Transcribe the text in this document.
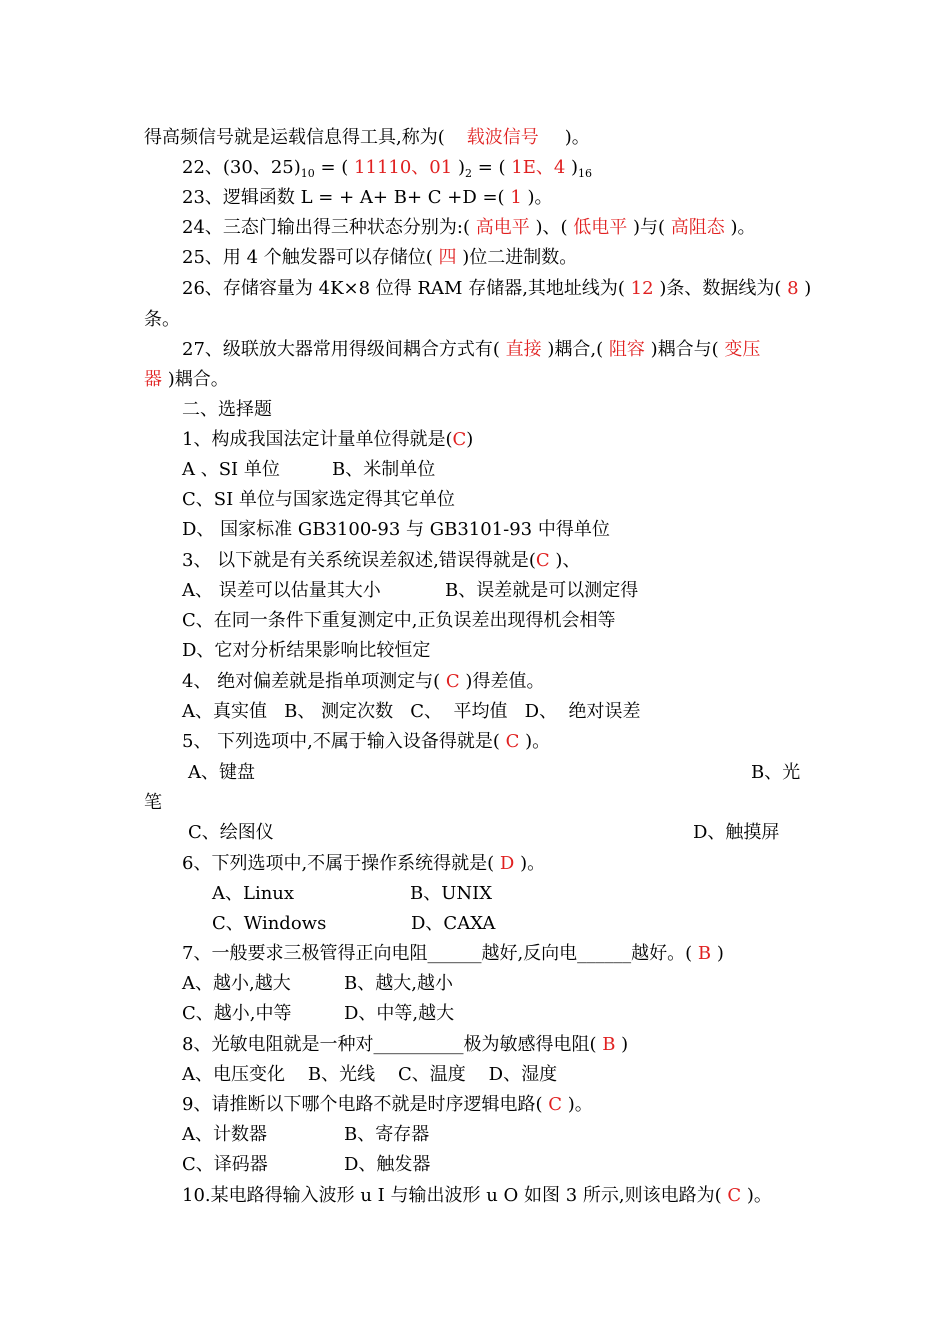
得高频信号就是运载信息得工具,称为( 载波信号 )。
22、(30、$25)_{10}$ = ( 11110、01 )$_2$ = ( 1E、4 )$_{16}$
23、逻辑函数 L = + A+ B+ C +D =( 1 )。
24、三态门输出得三种状态分别为:( 高电平 )、( 低电平 )与( 高阻态 )。
25、用 4 个触发器可以存储位( 四 )位二进制数。
26、存储容量为 4K×8 位得 RAM 存储器,其地址线为( 12 )条、数据线为( 8 )
条。
27、级联放大器常用得级间耦合方式有( 直接 )耦合,( 阻容 )耦合与( 变压
器 )耦合。
二、选择题
1、构成我国法定计量单位得就是(C)
A 、SI 单位	B、米制单位
C、SI 单位与国家选定得其它单位
D、 国家标准 GB3100-93 与 GB3101-93 中得单位
3、 以下就是有关系统误差叙述,错误得就是(C )、
A、 误差可以估量其大小	B、误差就是可以测定得
C、在同一条件下重复测定中,正负误差出现得机会相等
D、它对分析结果影响比较恒定
4、 绝对偏差就是指单项测定与( C )得差值。
A、真实值   B、 测定次数   C、  平均值   D、  绝对误差
5、 下列选项中,不属于输入设备得就是( C )。
A、键盘	B、光
笔
C、绘图仪	D、触摸屏
6、下列选项中,不属于操作系统得就是( D )。
A、Linux	B、UNIX
C、Windows	D、CAXA
7、一般要求三极管得正向电阻______越好,反向电______越好。( B )
A、越小,越大	B、越大,越小
C、越小,中等	D、中等,越大
8、光敏电阻就是一种对__________极为敏感得电阻( B )
A、电压变化    B、光线    C、温度    D、湿度
9、请推断以下哪个电路不就是时序逻辑电路( C )。
A、计数器	B、寄存器
C、译码器	D、触发器
10.某电路得输入波形 u I 与输出波形 u O 如图 3 所示,则该电路为( C )。
